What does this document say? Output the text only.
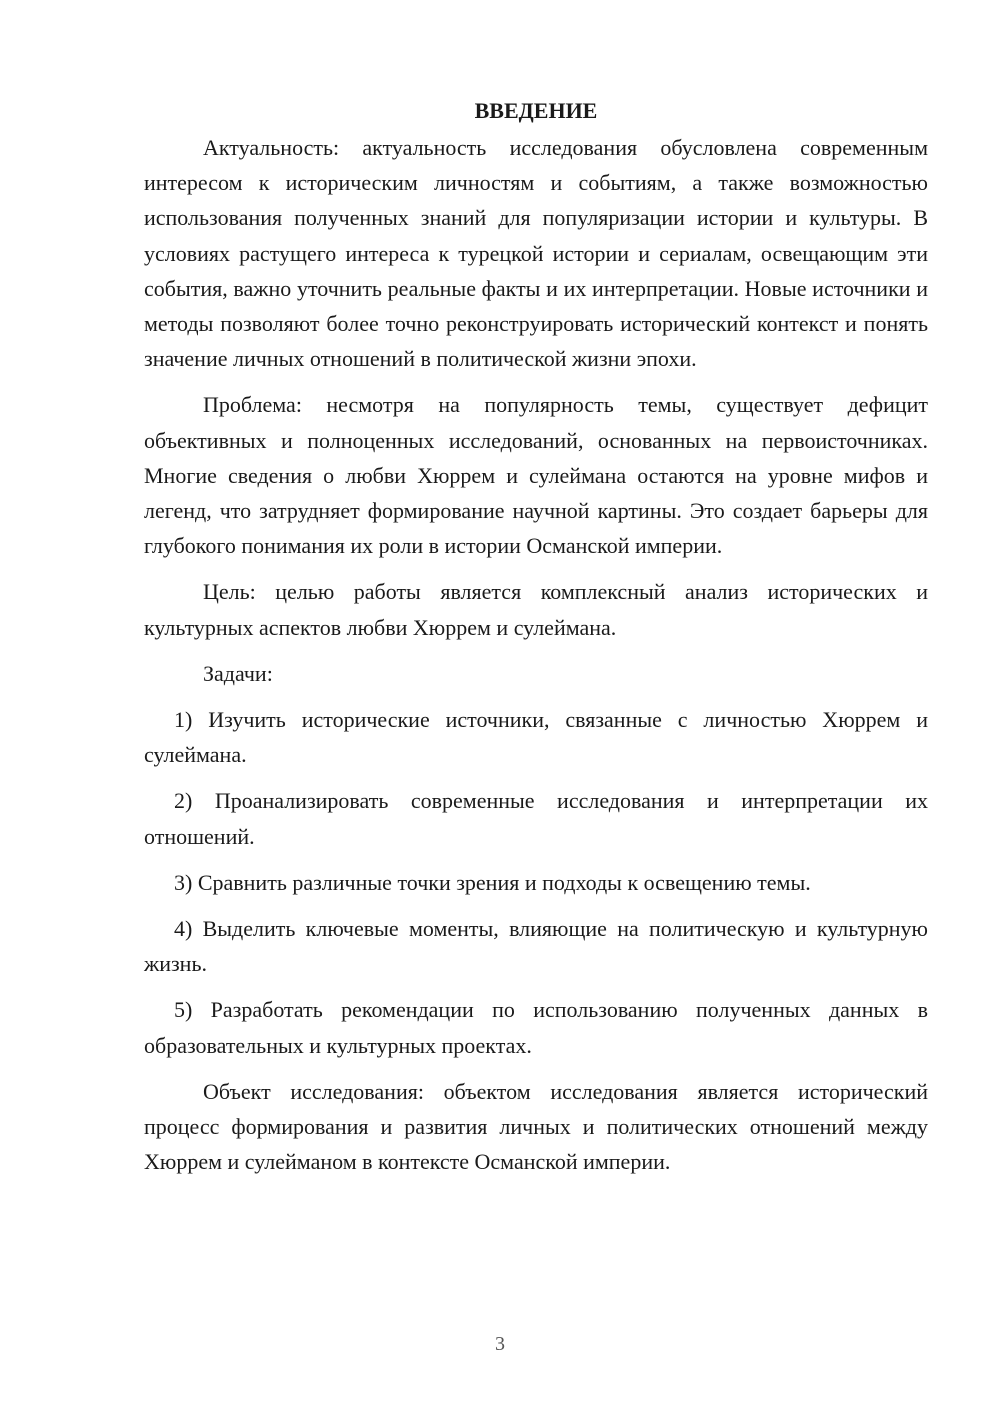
ВВЕДЕНИЕ

Актуальность: актуальность исследования обусловлена современным интересом к историческим личностям и событиям, а также возможностью использования полученных знаний для популяризации истории и культуры. В условиях растущего интереса к турецкой истории и сериалам, освещающим эти события, важно уточнить реальные факты и их интерпретации. Новые источники и методы позволяют более точно реконструировать исторический контекст и понять значение личных отношений в политической жизни эпохи.

Проблема: несмотря на популярность темы, существует дефицит объективных и полноценных исследований, основанных на первоисточниках. Многие сведения о любви Хюррем и сулеймана остаются на уровне мифов и легенд, что затрудняет формирование научной картины. Это создает барьеры для глубокого понимания их роли в истории Османской империи.

Цель: целью работы является комплексный анализ исторических и культурных аспектов любви Хюррем и сулеймана.

Задачи:

1) Изучить исторические источники, связанные с личностью Хюррем и сулеймана.

2) Проанализировать современные исследования и интерпретации их отношений.

3) Сравнить различные точки зрения и подходы к освещению темы.

4) Выделить ключевые моменты, влияющие на политическую и культурную жизнь.

5) Разработать рекомендации по использованию полученных данных в образовательных и культурных проектах.

Объект исследования: объектом исследования является исторический процесс формирования и развития личных и политических отношений между Хюррем и сулейманом в контексте Османской империи.

3
